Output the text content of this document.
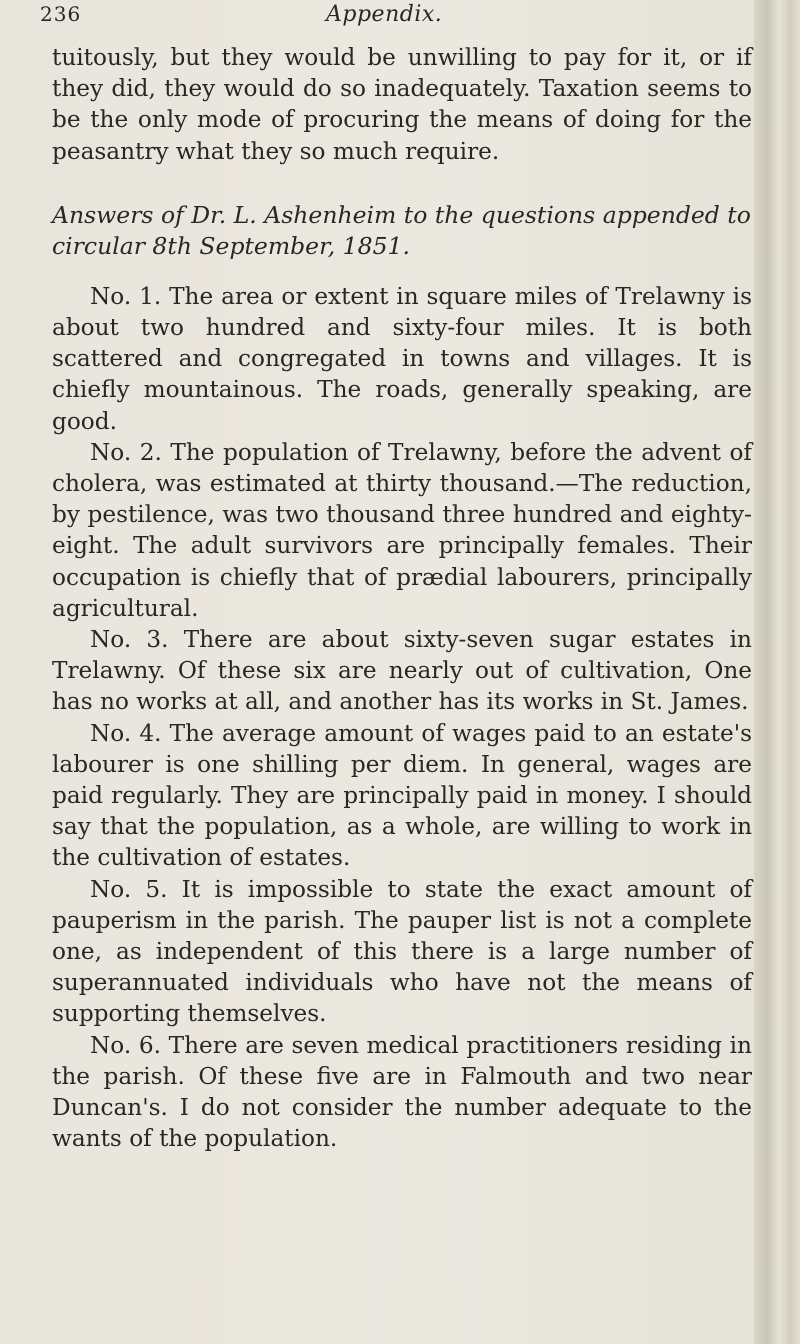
236	Appendix.

tuitously, but they would be unwilling to pay for it, or if they did, they would do so inadequately. Taxation seems to be the only mode of procuring the means of doing for the peasantry what they so much require.

Answers of Dr. L. Ashenheim to the questions appended to circular 8th September, 1851.

No. 1. The area or extent in square miles of Trelawny is about two hundred and sixty-four miles. It is both scattered and congregated in towns and villages. It is chiefly mountainous. The roads, generally speaking, are good.

No. 2. The population of Trelawny, before the advent of cholera, was estimated at thirty thousand.—The reduction, by pestilence, was two thousand three hundred and eighty-eight. The adult survivors are principally females. Their occupation is chiefly that of prædial labourers, principally agricultural.

No. 3. There are about sixty-seven sugar estates in Trelawny. Of these six are nearly out of cultivation, One has no works at all, and another has its works in St. James.

No. 4. The average amount of wages paid to an estate's labourer is one shilling per diem. In general, wages are paid regularly. They are principally paid in money. I should say that the population, as a whole, are willing to work in the cultivation of estates.

No. 5. It is impossible to state the exact amount of pauperism in the parish. The pauper list is not a complete one, as independent of this there is a large number of superannuated individuals who have not the means of supporting themselves.

No. 6. There are seven medical practitioners residing in the parish. Of these five are in Falmouth and two near Duncan's. I do not consider the number adequate to the wants of the population.
